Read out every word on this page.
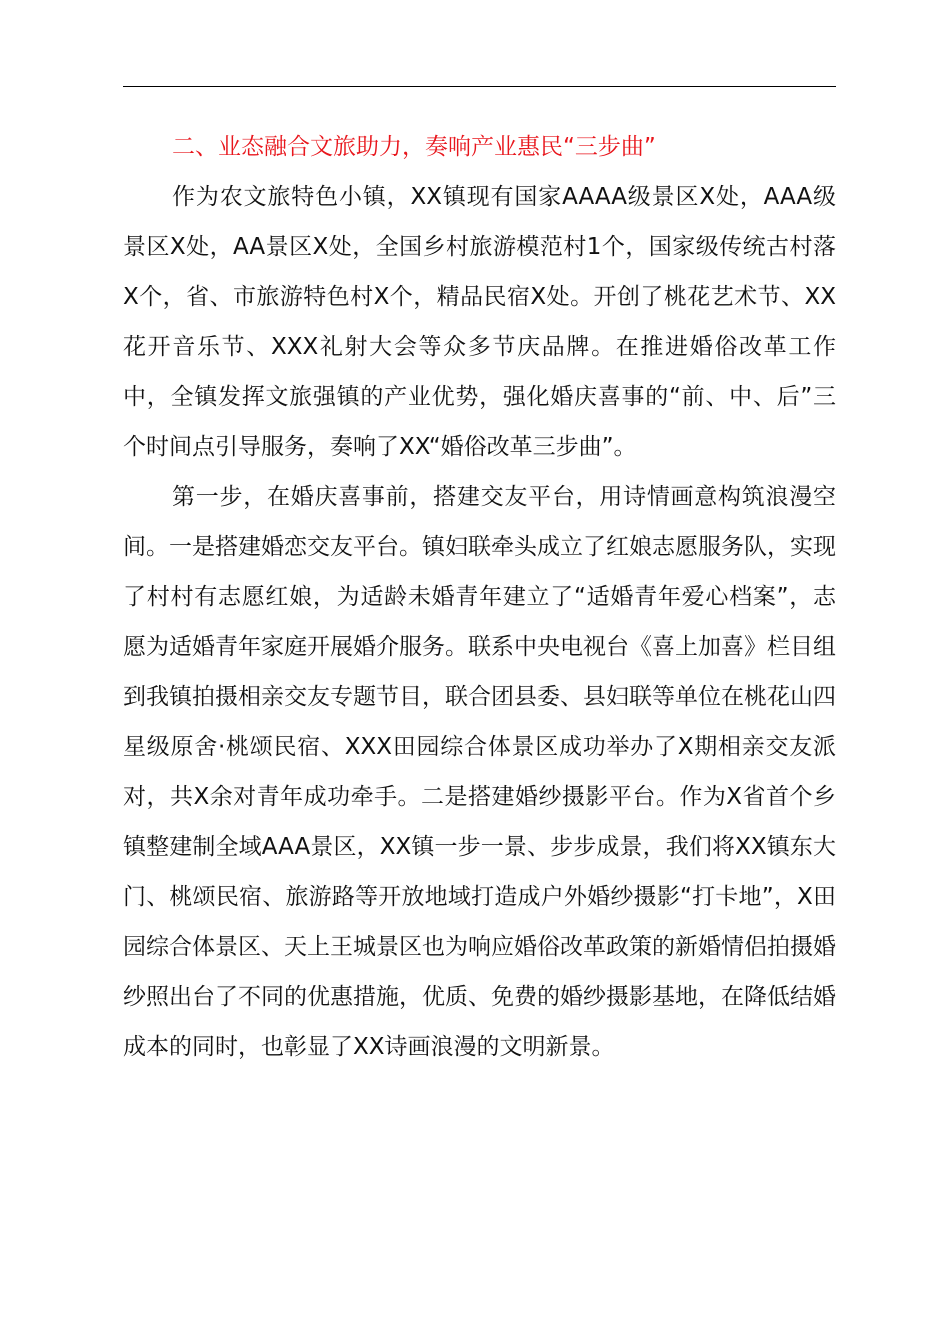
二、业态融合文旅助力，奏响产业惠民“三步曲”

作为农文旅特色小镇，XX镇现有国家AAAA级景区X处，AAA级景区X处，AA景区X处，全国乡村旅游模范村1个，国家级传统古村落X个，省、市旅游特色村X个，精品民宿X处。开创了桃花艺术节、XX花开音乐节、XXX礼射大会等众多节庆品牌。在推进婚俗改革工作中，全镇发挥文旅强镇的产业优势，强化婚庆喜事的“前、中、后”三个时间点引导服务，奏响了XX“婚俗改革三步曲”。

第一步，在婚庆喜事前，搭建交友平台，用诗情画意构筑浪漫空间。一是搭建婚恋交友平台。镇妇联牵头成立了红娘志愿服务队，实现了村村有志愿红娘，为适龄未婚青年建立了“适婚青年爱心档案”，志愿为适婚青年家庭开展婚介服务。联系中央电视台《喜上加喜》栏目组到我镇拍摄相亲交友专题节目，联合团县委、县妇联等单位在桃花山四星级原舍·桃颂民宿、XXX田园综合体景区成功举办了X期相亲交友派对，共X余对青年成功牵手。二是搭建婚纱摄影平台。作为X省首个乡镇整建制全域AAA景区，XX镇一步一景、步步成景，我们将XX镇东大门、桃颂民宿、旅游路等开放地域打造成户外婚纱摄影“打卡地”，X田园综合体景区、天上王城景区也为响应婚俗改革政策的新婚情侣拍摄婚纱照出台了不同的优惠措施，优质、免费的婚纱摄影基地，在降低结婚成本的同时，也彰显了XX诗画浪漫的文明新景。
